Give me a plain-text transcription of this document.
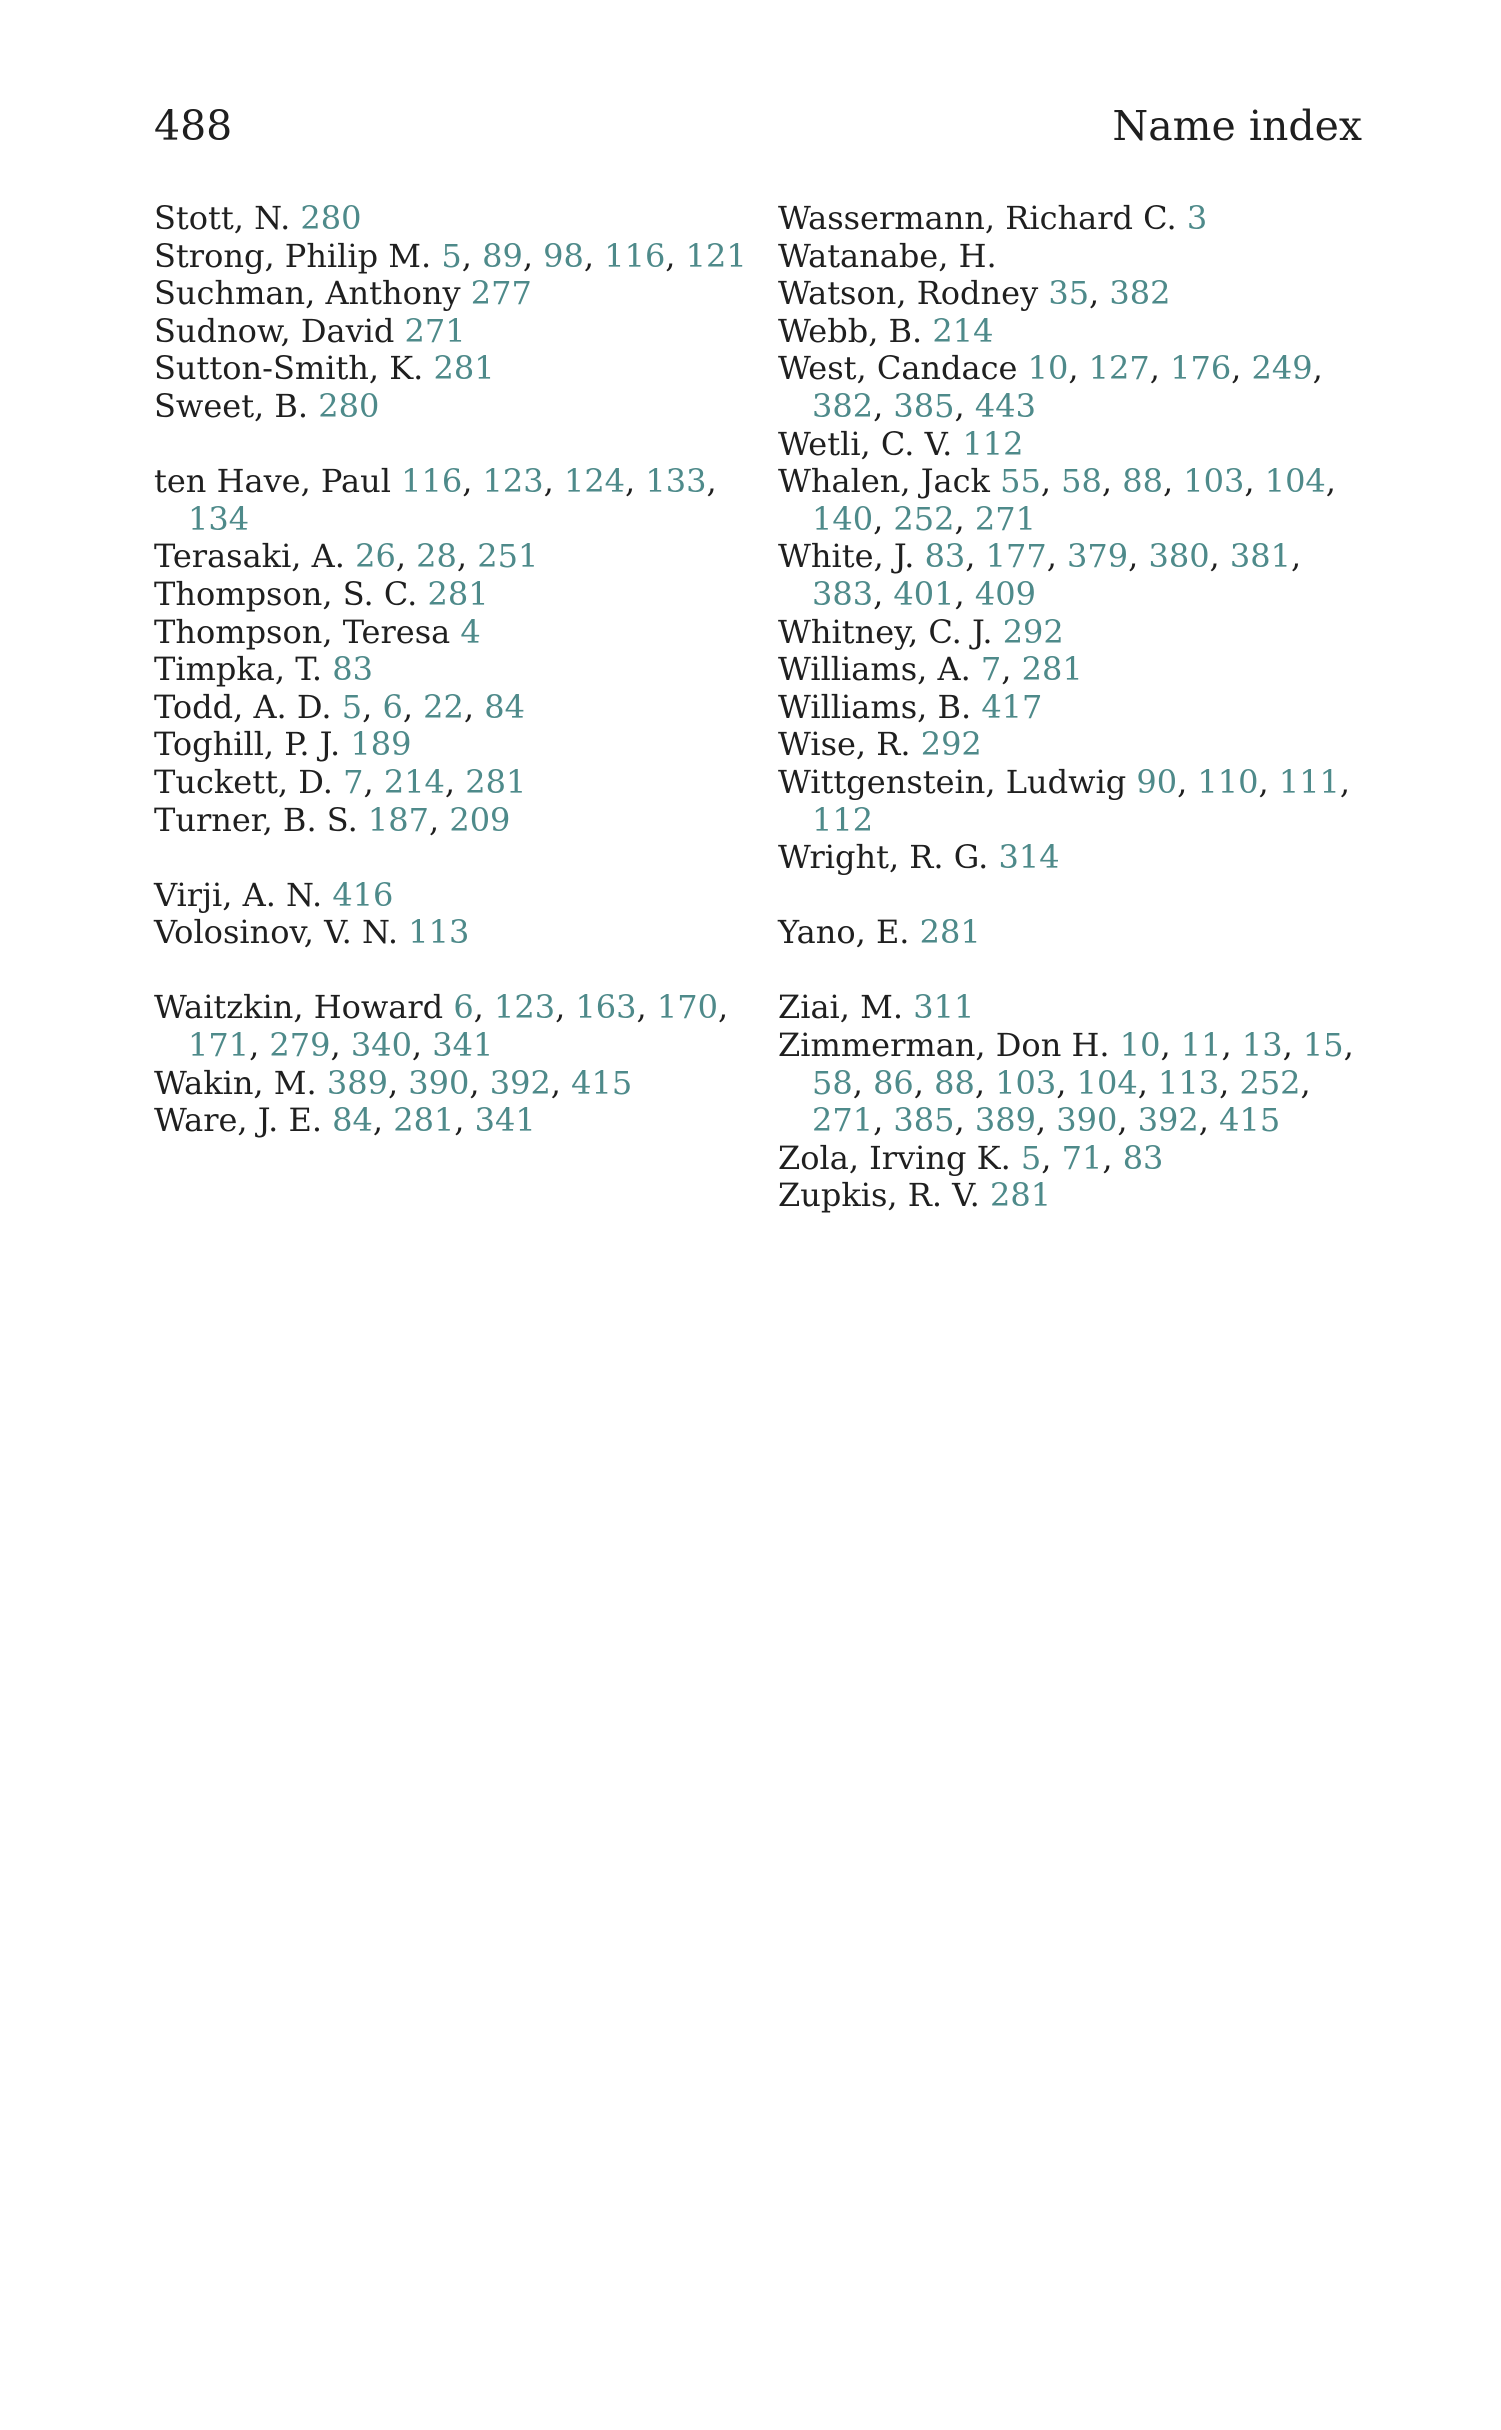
488	Name index

Stott, N. 280

Strong, Philip M. 5, 89, 98, 116, 121

Suchman, Anthony 277

Sudnow, David 271

Sutton-Smith, K. 281

Sweet, B. 280

ten Have, Paul 116, 123, 124, 133, 134

Terasaki, A. 26, 28, 251

Thompson, S. C. 281

Thompson, Teresa 4

Timpka, T. 83

Todd, A. D. 5, 6, 22, 84

Toghill, P. J. 189

Tuckett, D. 7, 214, 281

Turner, B. S. 187, 209

Virji, A. N. 416

Volosinov, V. N. 113

Waitzkin, Howard 6, 123, 163, 170, 171, 279, 340, 341

Wakin, M. 389, 390, 392, 415

Ware, J. E. 84, 281, 341

Wassermann, Richard C. 3

Watanabe, H.

Watson, Rodney 35, 382

Webb, B. 214

West, Candace 10, 127, 176, 249, 382, 385, 443

Wetli, C. V. 112

Whalen, Jack 55, 58, 88, 103, 104, 140, 252, 271

White, J. 83, 177, 379, 380, 381, 383, 401, 409

Whitney, C. J. 292

Williams, A. 7, 281

Williams, B. 417

Wise, R. 292

Wittgenstein, Ludwig 90, 110, 111, 112

Wright, R. G. 314

Yano, E. 281

Ziai, M. 311

Zimmerman, Don H. 10, 11, 13, 15, 58, 86, 88, 103, 104, 113, 252, 271, 385, 389, 390, 392, 415

Zola, Irving K. 5, 71, 83

Zupkis, R. V. 281
